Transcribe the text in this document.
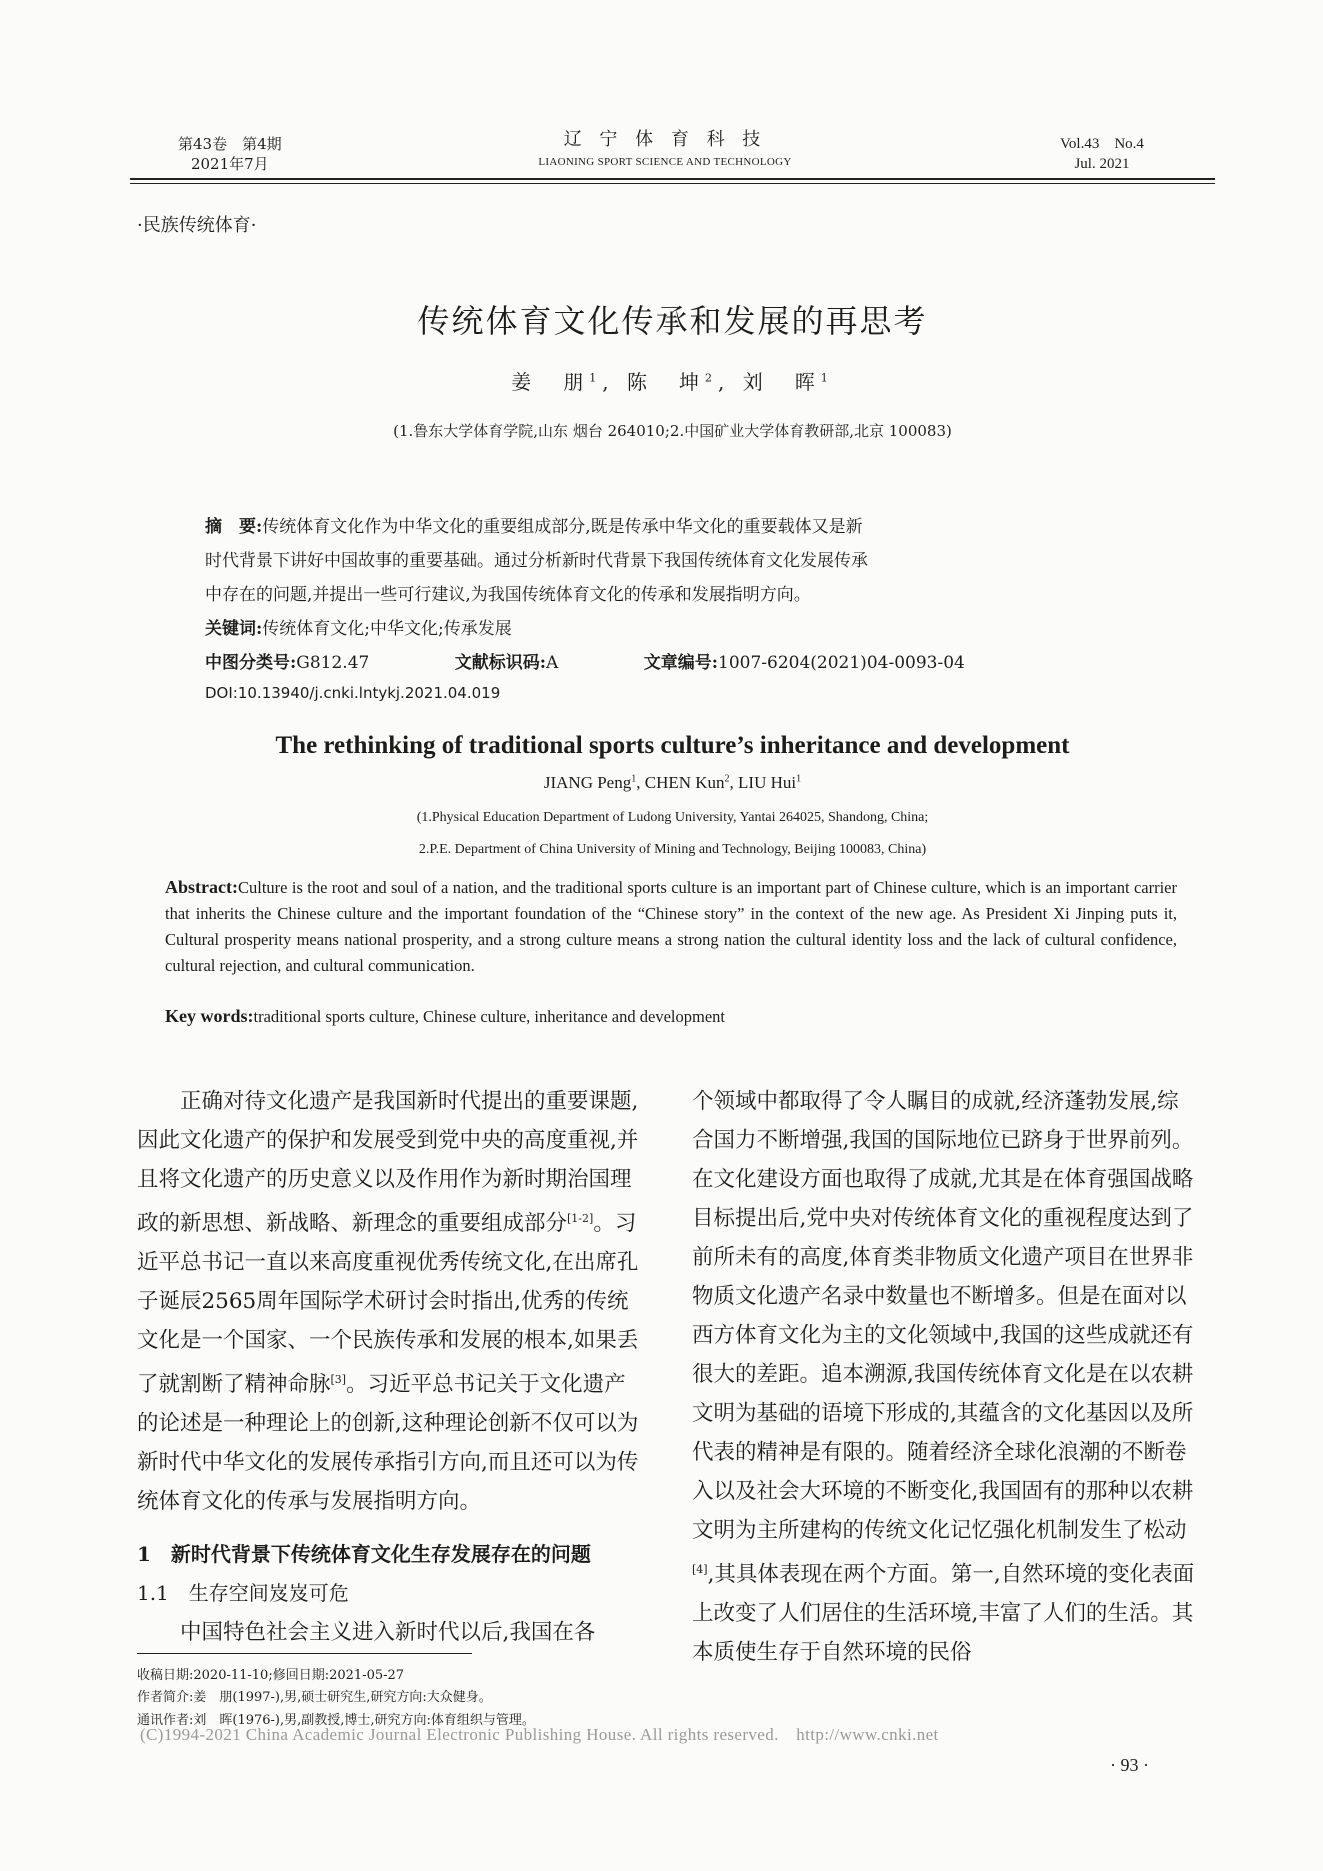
第43卷　第4期
2021年7月
辽 宁 体 育 科 技
LIAONING SPORT SCIENCE AND TECHNOLOGY
Vol.43　No.4
Jul. 2021
·民族传统体育·
传统体育文化传承和发展的再思考
姜　朋$^1$, 陈　坤$^2$, 刘　晖$^1$
(1.鲁东大学体育学院,山东 烟台 264010;2.中国矿业大学体育教研部,北京 100083)
摘　要:传统体育文化作为中华文化的重要组成部分,既是传承中华文化的重要载体又是新
时代背景下讲好中国故事的重要基础。通过分析新时代背景下我国传统体育文化发展传承
中存在的问题,并提出一些可行建议,为我国传统体育文化的传承和发展指明方向。
关键词:传统体育文化;中华文化;传承发展
中图分类号:G812.47	文献标识码:A	文章编号:1007-6204(2021)04-0093-04
DOI:10.13940/j.cnki.lntykj.2021.04.019
The rethinking of traditional sports culture’s inheritance and development
JIANG Peng$^1$, CHEN Kun$^2$, LIU Hui$^1$
(1.Physical Education Department of Ludong University, Yantai 264025, Shandong, China;
2.P.E. Department of China University of Mining and Technology, Beijing 100083, China)
Abstract:Culture is the root and soul of a nation, and the traditional sports culture is an important part of Chinese culture, which is an important carrier that inherits the Chinese culture and the important foundation of the “Chinese story” in the context of the new age. As President Xi Jinping puts it, Cultural prosperity means national prosperity, and a strong culture means a strong nation the cultural identity loss and the lack of cultural confidence, cultural rejection, and cultural communication.
Key words:traditional sports culture, Chinese culture, inheritance and development

正确对待文化遗产是我国新时代提出的重要课题,因此文化遗产的保护和发展受到党中央的高度重视,并且将文化遗产的历史意义以及作用作为新时期治国理政的新思想、新战略、新理念的重要组成部分[1-2]。习近平总书记一直以来高度重视优秀传统文化,在出席孔子诞辰2565周年国际学术研讨会时指出,优秀的传统文化是一个国家、一个民族传承和发展的根本,如果丢了就割断了精神命脉[3]。习近平总书记关于文化遗产的论述是一种理论上的创新,这种理论创新不仅可以为新时代中华文化的发展传承指引方向,而且还可以为传统体育文化的传承与发展指明方向。

1　新时代背景下传统体育文化生存发展存在的问题

1.1　生存空间岌岌可危

中国特色社会主义进入新时代以后,我国在各

个领域中都取得了令人瞩目的成就,经济蓬勃发展,综合国力不断增强,我国的国际地位已跻身于世界前列。在文化建设方面也取得了成就,尤其是在体育强国战略目标提出后,党中央对传统体育文化的重视程度达到了前所未有的高度,体育类非物质文化遗产项目在世界非物质文化遗产名录中数量也不断增多。但是在面对以西方体育文化为主的文化领域中,我国的这些成就还有很大的差距。追本溯源,我国传统体育文化是在以农耕文明为基础的语境下形成的,其蕴含的文化基因以及所代表的精神是有限的。随着经济全球化浪潮的不断卷入以及社会大环境的不断变化,我国固有的那种以农耕文明为主所建构的传统文化记忆强化机制发生了松动[4],其具体表现在两个方面。第一,自然环境的变化表面上改变了人们居住的生活环境,丰富了人们的生活。其本质使生存于自然环境的民俗

收稿日期:2020-11-10;修回日期:2021-05-27
作者简介:姜　朋(1997-),男,硕士研究生,研究方向:大众健身。
通讯作者:刘　晖(1976-),男,副教授,博士,研究方向:体育组织与管理。
(C)1994-2021 China Academic Journal Electronic Publishing House. All rights reserved.　http://www.cnki.net
· 93 ·
